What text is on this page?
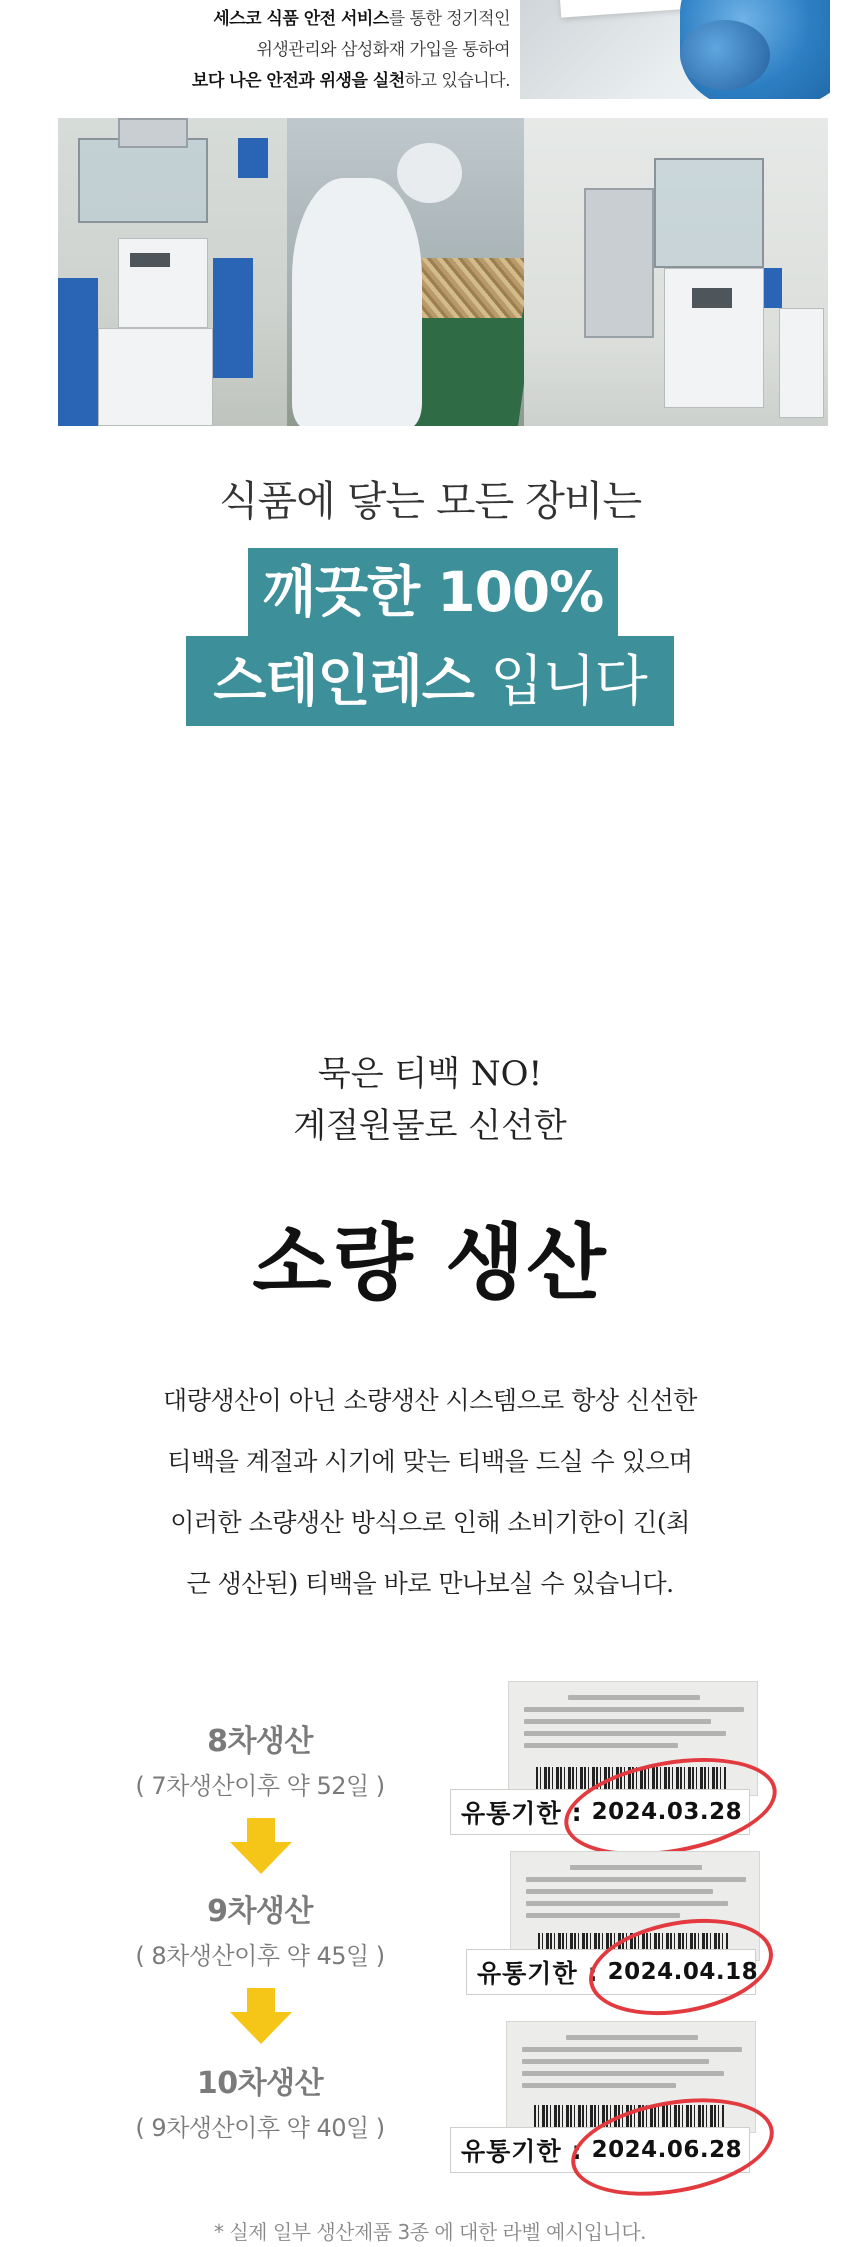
세스코 식품 안전 서비스를 통한 정기적인
위생관리와 삼성화재 가입을 통하여
보다 나은 안전과 위생을 실천하고 있습니다.
식품에 닿는 모든 장비는
깨끗한 100%
스테인레스 입니다
묵은 티백 NO!
계절원물로 신선한
소량 생산
대량생산이 아닌 소량생산 시스템으로 항상 신선한
티백을 계절과 시기에 맞는 티백을 드실 수 있으며
이러한 소량생산 방식으로 인해 소비기한이 긴(최
근 생산된) 티백을 바로 만나보실 수 있습니다.
8차생산
( 7차생산이후 약 52일 )
9차생산
( 8차생산이후 약 45일 )
10차생산
( 9차생산이후 약 40일 )
유통기한 : 2024.03.28
유통기한 : 2024.04.18
유통기한 : 2024.06.28
* 실제 일부 생산제품 3종 에 대한 라벨 예시입니다.
